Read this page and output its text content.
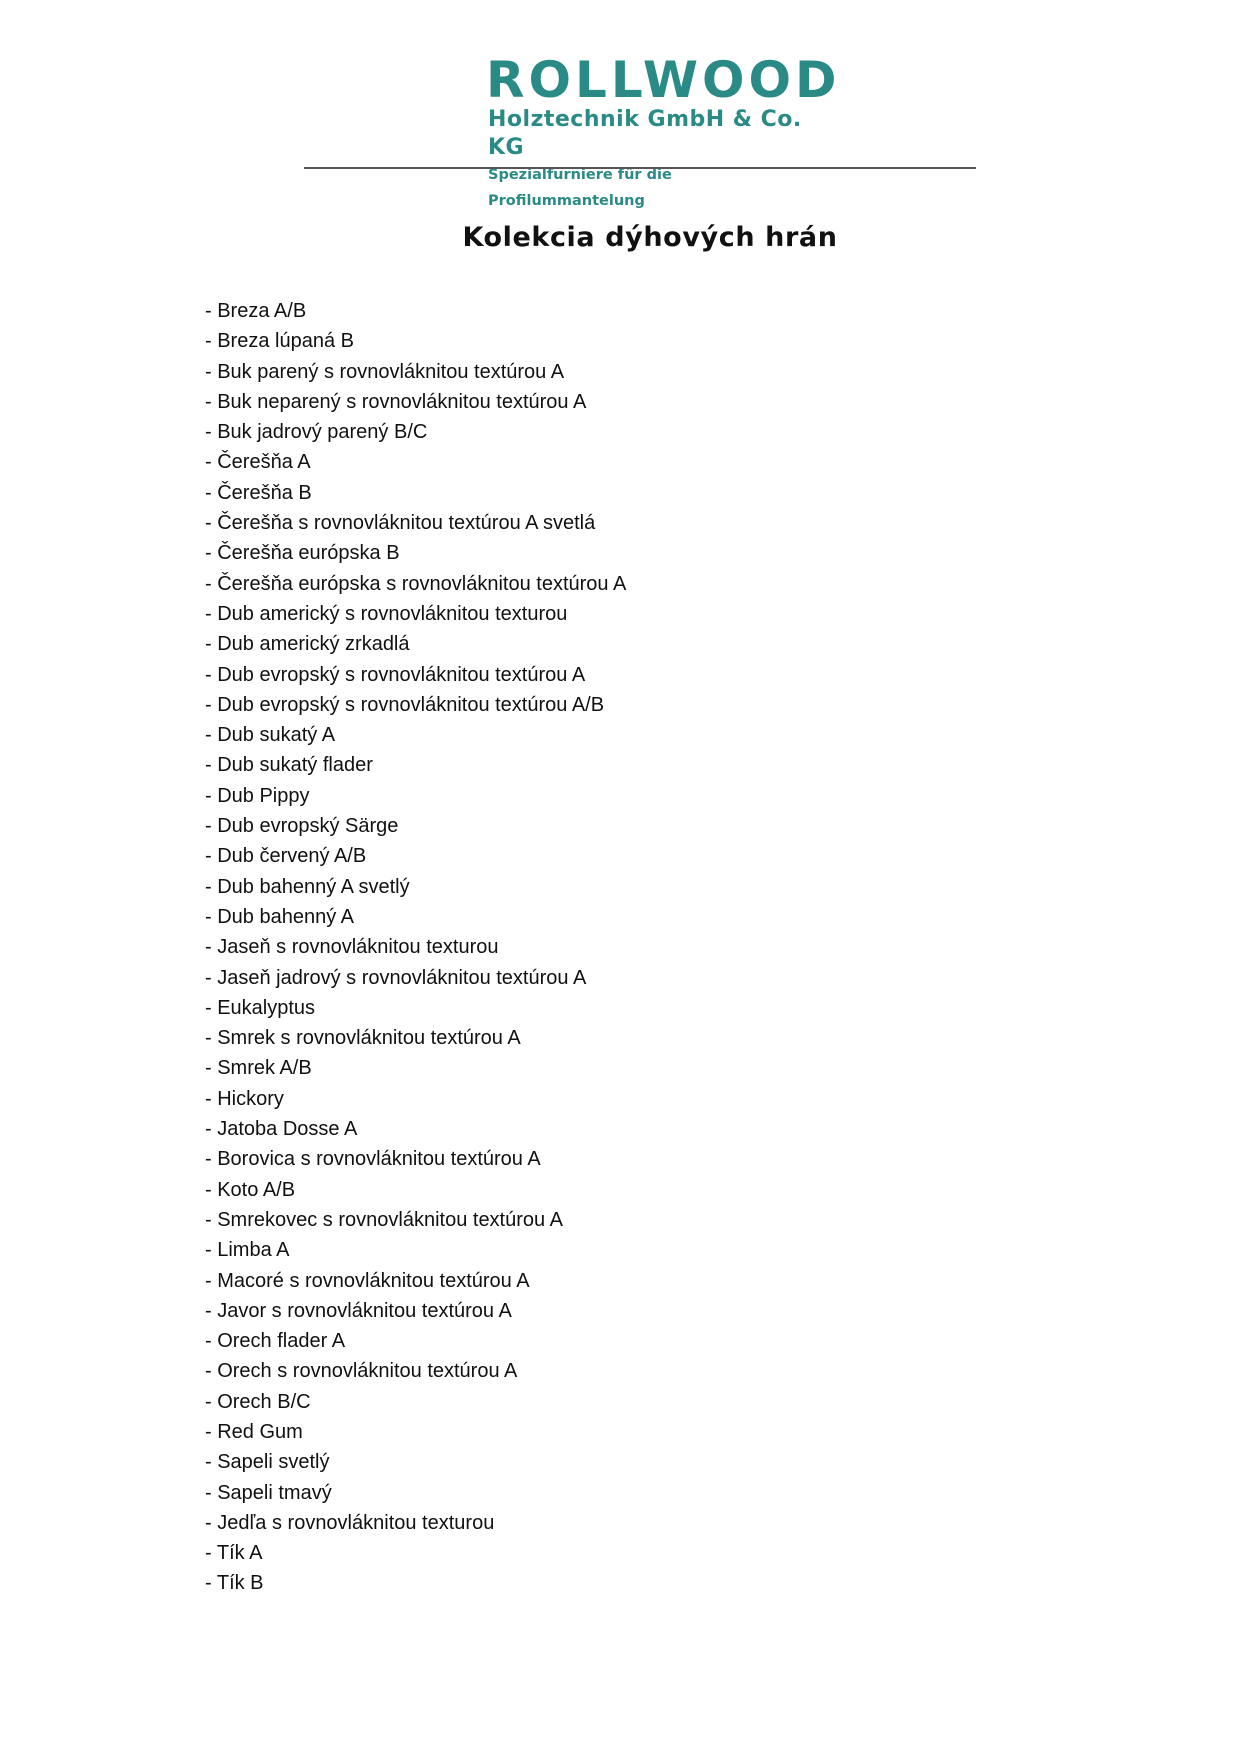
ROLLWOOD
Holztechnik GmbH & Co. KG
Spezialfurniere für die Profilummantelung
Kolekcia dýhových hrán
- Breza A/B
- Breza lúpaná B
- Buk parený s rovnovláknitou textúrou A
- Buk neparený s rovnovláknitou textúrou A
- Buk jadrový parený B/C
- Čerešňa A
- Čerešňa B
- Čerešňa s rovnovláknitou textúrou A svetlá
- Čerešňa európska B
- Čerešňa európska s rovnovláknitou textúrou A
- Dub americký s rovnovláknitou texturou
- Dub americký zrkadlá
- Dub evropský s rovnovláknitou textúrou A
- Dub evropský s rovnovláknitou textúrou A/B
- Dub sukatý A
- Dub sukatý flader
- Dub Pippy
- Dub evropský Särge
- Dub červený A/B
- Dub bahenný A svetlý
- Dub bahenný A
- Jaseň s rovnovláknitou texturou
- Jaseň jadrový s rovnovláknitou textúrou A
- Eukalyptus
- Smrek s rovnovláknitou textúrou A
- Smrek A/B
- Hickory
- Jatoba Dosse A
- Borovica s rovnovláknitou textúrou A
- Koto A/B
- Smrekovec s rovnovláknitou textúrou A
- Limba A
- Macoré s rovnovláknitou textúrou A
- Javor s rovnovláknitou textúrou A
- Orech flader A
- Orech s rovnovláknitou textúrou A
- Orech B/C
- Red Gum
- Sapeli svetlý
- Sapeli tmavý
- Jedľa s rovnovláknitou texturou
- Tík A
- Tík B
